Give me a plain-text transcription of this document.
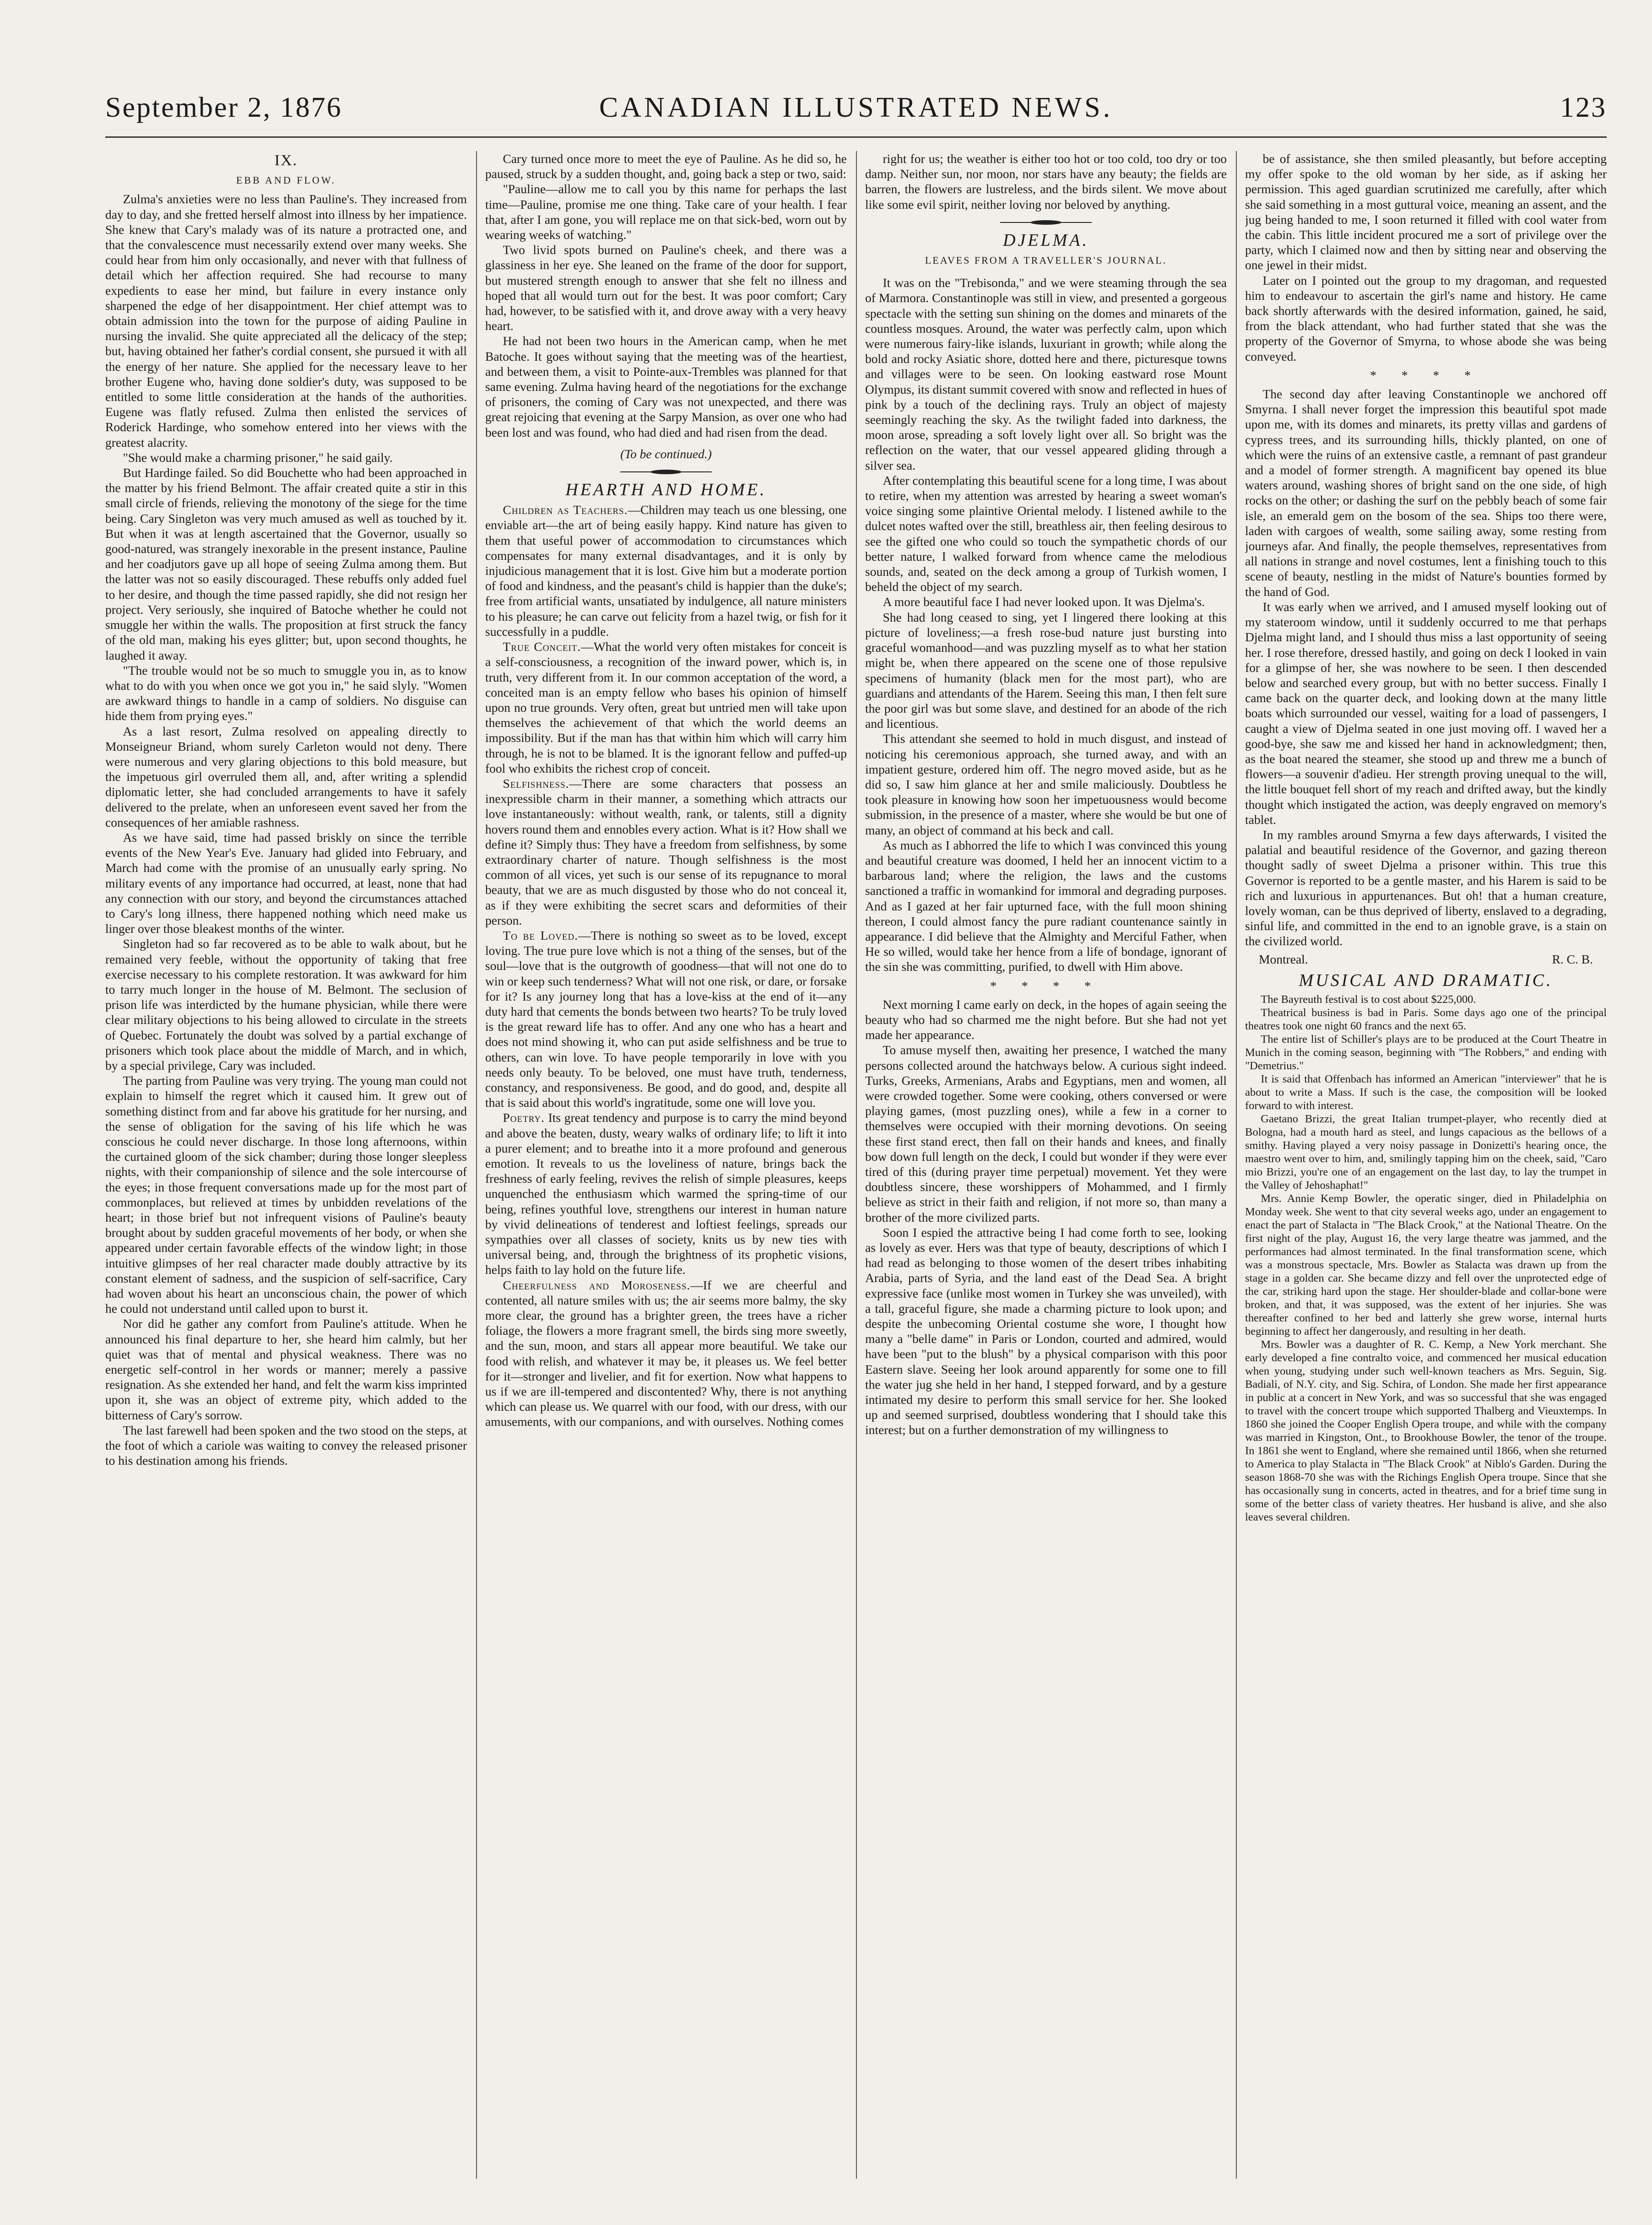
CANADIAN ILLUSTRATED NEWS.
September 2, 1876	123

IX.

EBB AND FLOW.

Zulma's anxieties were no less than Pauline's. They increased from day to day, and she fretted herself almost into illness by her impatience. She knew that Cary's malady was of its nature a protracted one, and that the convalescence must necessarily extend over many weeks. She could hear from him only occasionally, and never with that fullness of detail which her affection required. She had recourse to many expedients to ease her mind, but failure in every instance only sharpened the edge of her disappointment. Her chief attempt was to obtain admission into the town for the purpose of aiding Pauline in nursing the invalid. She quite appreciated all the delicacy of the step; but, having obtained her father's cordial consent, she pursued it with all the energy of her nature. She applied for the necessary leave to her brother Eugene who, having done soldier's duty, was supposed to be entitled to some little consideration at the hands of the authorities. Eugene was flatly refused. Zulma then enlisted the services of Roderick Hardinge, who somehow entered into her views with the greatest alacrity.

"She would make a charming prisoner," he said gaily.

But Hardinge failed. So did Bouchette who had been approached in the matter by his friend Belmont. The affair created quite a stir in this small circle of friends, relieving the monotony of the siege for the time being. Cary Singleton was very much amused as well as touched by it. But when it was at length ascertained that the Governor, usually so good-natured, was strangely inexorable in the present instance, Pauline and her coadjutors gave up all hope of seeing Zulma among them. But the latter was not so easily discouraged. These rebuffs only added fuel to her desire, and though the time passed rapidly, she did not resign her project. Very seriously, she inquired of Batoche whether he could not smuggle her within the walls. The proposition at first struck the fancy of the old man, making his eyes glitter; but, upon second thoughts, he laughed it away.

"The trouble would not be so much to smuggle you in, as to know what to do with you when once we got you in," he said slyly. "Women are awkward things to handle in a camp of soldiers. No disguise can hide them from prying eyes."

As a last resort, Zulma resolved on appealing directly to Monseigneur Briand, whom surely Carleton would not deny. There were numerous and very glaring objections to this bold measure, but the impetuous girl overruled them all, and, after writing a splendid diplomatic letter, she had concluded arrangements to have it safely delivered to the prelate, when an unforeseen event saved her from the consequences of her amiable rashness.

As we have said, time had passed briskly on since the terrible events of the New Year's Eve. January had glided into February, and March had come with the promise of an unusually early spring. No military events of any importance had occurred, at least, none that had any connection with our story, and beyond the circumstances attached to Cary's long illness, there happened nothing which need make us linger over those bleakest months of the winter.

Singleton had so far recovered as to be able to walk about, but he remained very feeble, without the opportunity of taking that free exercise necessary to his complete restoration. It was awkward for him to tarry much longer in the house of M. Belmont. The seclusion of prison life was interdicted by the humane physician, while there were clear military objections to his being allowed to circulate in the streets of Quebec. Fortunately the doubt was solved by a partial exchange of prisoners which took place about the middle of March, and in which, by a special privilege, Cary was included.

The parting from Pauline was very trying. The young man could not explain to himself the regret which it caused him. It grew out of something distinct from and far above his gratitude for her nursing, and the sense of obligation for the saving of his life which he was conscious he could never discharge. In those long afternoons, within the curtained gloom of the sick chamber; during those longer sleepless nights, with their companionship of silence and the sole intercourse of the eyes; in those frequent conversations made up for the most part of commonplaces, but relieved at times by unbidden revelations of the heart; in those brief but not infrequent visions of Pauline's beauty brought about by sudden graceful movements of her body, or when she appeared under certain favorable effects of the window light; in those intuitive glimpses of her real character made doubly attractive by its constant element of sadness, and the suspicion of self-sacrifice, Cary had woven about his heart an unconscious chain, the power of which he could not understand until called upon to burst it.

Nor did he gather any comfort from Pauline's attitude. When he announced his final departure to her, she heard him calmly, but her quiet was that of mental and physical weakness. There was no energetic self-control in her words or manner; merely a passive resignation. As she extended her hand, and felt the warm kiss imprinted upon it, she was an object of extreme pity, which added to the bitterness of Cary's sorrow.

The last farewell had been spoken and the two stood on the steps, at the foot of which a cariole was waiting to convey the released prisoner to his destination among his friends.

Cary turned once more to meet the eye of Pauline. As he did so, he paused, struck by a sudden thought, and, going back a step or two, said:

"Pauline—allow me to call you by this name for perhaps the last time—Pauline, promise me one thing. Take care of your health. I fear that, after I am gone, you will replace me on that sick-bed, worn out by wearing weeks of watching."

Two livid spots burned on Pauline's cheek, and there was a glassiness in her eye. She leaned on the frame of the door for support, but mustered strength enough to answer that she felt no illness and hoped that all would turn out for the best. It was poor comfort; Cary had, however, to be satisfied with it, and drove away with a very heavy heart.

He had not been two hours in the American camp, when he met Batoche. It goes without saying that the meeting was of the heartiest, and between them, a visit to Pointe-aux-Trembles was planned for that same evening. Zulma having heard of the negotiations for the exchange of prisoners, the coming of Cary was not unexpected, and there was great rejoicing that evening at the Sarpy Mansion, as over one who had been lost and was found, who had died and had risen from the dead.

(To be continued.)

HEARTH AND HOME.

Children as Teachers.—Children may teach us one blessing, one enviable art—the art of being easily happy. Kind nature has given to them that useful power of accommodation to circumstances which compensates for many external disadvantages, and it is only by injudicious management that it is lost. Give him but a moderate portion of food and kindness, and the peasant's child is happier than the duke's; free from artificial wants, unsatiated by indulgence, all nature ministers to his pleasure; he can carve out felicity from a hazel twig, or fish for it successfully in a puddle.

True Conceit.—What the world very often mistakes for conceit is a self-consciousness, a recognition of the inward power, which is, in truth, very different from it. In our common acceptation of the word, a conceited man is an empty fellow who bases his opinion of himself upon no true grounds. Very often, great but untried men will take upon themselves the achievement of that which the world deems an impossibility. But if the man has that within him which will carry him through, he is not to be blamed. It is the ignorant fellow and puffed-up fool who exhibits the richest crop of conceit.

Selfishness.—There are some characters that possess an inexpressible charm in their manner, a something which attracts our love instantaneously: without wealth, rank, or talents, still a dignity hovers round them and ennobles every action. What is it? How shall we define it? Simply thus: They have a freedom from selfishness, by some extraordinary charter of nature. Though selfishness is the most common of all vices, yet such is our sense of its repugnance to moral beauty, that we are as much disgusted by those who do not conceal it, as if they were exhibiting the secret scars and deformities of their person.

To be Loved.—There is nothing so sweet as to be loved, except loving. The true pure love which is not a thing of the senses, but of the soul—love that is the outgrowth of goodness—that will not one do to win or keep such tenderness? What will not one risk, or dare, or forsake for it? Is any journey long that has a love-kiss at the end of it—any duty hard that cements the bonds between two hearts? To be truly loved is the great reward life has to offer. And any one who has a heart and does not mind showing it, who can put aside selfishness and be true to others, can win love. To have people temporarily in love with you needs only beauty. To be beloved, one must have truth, tenderness, constancy, and responsiveness. Be good, and do good, and, despite all that is said about this world's ingratitude, some one will love you.

Poetry. Its great tendency and purpose is to carry the mind beyond and above the beaten, dusty, weary walks of ordinary life; to lift it into a purer element; and to breathe into it a more profound and generous emotion. It reveals to us the loveliness of nature, brings back the freshness of early feeling, revives the relish of simple pleasures, keeps unquenched the enthusiasm which warmed the spring-time of our being, refines youthful love, strengthens our interest in human nature by vivid delineations of tenderest and loftiest feelings, spreads our sympathies over all classes of society, knits us by new ties with universal being, and, through the brightness of its prophetic visions, helps faith to lay hold on the future life.

Cheerfulness and Moroseness.—If we are cheerful and contented, all nature smiles with us; the air seems more balmy, the sky more clear, the ground has a brighter green, the trees have a richer foliage, the flowers a more fragrant smell, the birds sing more sweetly, and the sun, moon, and stars all appear more beautiful. We take our food with relish, and whatever it may be, it pleases us. We feel better for it—stronger and livelier, and fit for exertion. Now what happens to us if we are ill-tempered and discontented? Why, there is not anything which can please us. We quarrel with our food, with our dress, with our amusements, with our companions, and with ourselves. Nothing comes

right for us; the weather is either too hot or too cold, too dry or too damp. Neither sun, nor moon, nor stars have any beauty; the fields are barren, the flowers are lustreless, and the birds silent. We move about like some evil spirit, neither loving nor beloved by anything.

DJELMA.

LEAVES FROM A TRAVELLER'S JOURNAL.

It was on the "Trebisonda," and we were steaming through the sea of Marmora. Constantinople was still in view, and presented a gorgeous spectacle with the setting sun shining on the domes and minarets of the countless mosques. Around, the water was perfectly calm, upon which were numerous fairy-like islands, luxuriant in growth; while along the bold and rocky Asiatic shore, dotted here and there, picturesque towns and villages were to be seen. On looking eastward rose Mount Olympus, its distant summit covered with snow and reflected in hues of pink by a touch of the declining rays. Truly an object of majesty seemingly reaching the sky. As the twilight faded into darkness, the moon arose, spreading a soft lovely light over all. So bright was the reflection on the water, that our vessel appeared gliding through a silver sea.

After contemplating this beautiful scene for a long time, I was about to retire, when my attention was arrested by hearing a sweet woman's voice singing some plaintive Oriental melody. I listened awhile to the dulcet notes wafted over the still, breathless air, then feeling desirous to see the gifted one who could so touch the sympathetic chords of our better nature, I walked forward from whence came the melodious sounds, and, seated on the deck among a group of Turkish women, I beheld the object of my search.

A more beautiful face I had never looked upon. It was Djelma's.

She had long ceased to sing, yet I lingered there looking at this picture of loveliness;—a fresh rose-bud nature just bursting into graceful womanhood—and was puzzling myself as to what her station might be, when there appeared on the scene one of those repulsive specimens of humanity (black men for the most part), who are guardians and attendants of the Harem. Seeing this man, I then felt sure the poor girl was but some slave, and destined for an abode of the rich and licentious.

This attendant she seemed to hold in much disgust, and instead of noticing his ceremonious approach, she turned away, and with an impatient gesture, ordered him off. The negro moved aside, but as he did so, I saw him glance at her and smile maliciously. Doubtless he took pleasure in knowing how soon her impetuousness would become submission, in the presence of a master, where she would be but one of many, an object of command at his beck and call.

As much as I abhorred the life to which I was convinced this young and beautiful creature was doomed, I held her an innocent victim to a barbarous land; where the religion, the laws and the customs sanctioned a traffic in womankind for immoral and degrading purposes. And as I gazed at her fair upturned face, with the full moon shining thereon, I could almost fancy the pure radiant countenance saintly in appearance. I did believe that the Almighty and Merciful Father, when He so willed, would take her hence from a life of bondage, ignorant of the sin she was committing, purified, to dwell with Him above.

* * * *

Next morning I came early on deck, in the hopes of again seeing the beauty who had so charmed me the night before. But she had not yet made her appearance.

To amuse myself then, awaiting her presence, I watched the many persons collected around the hatchways below. A curious sight indeed. Turks, Greeks, Armenians, Arabs and Egyptians, men and women, all were crowded together. Some were cooking, others conversed or were playing games, (most puzzling ones), while a few in a corner to themselves were occupied with their morning devotions. On seeing these first stand erect, then fall on their hands and knees, and finally bow down full length on the deck, I could but wonder if they were ever tired of this (during prayer time perpetual) movement. Yet they were doubtless sincere, these worshippers of Mohammed, and I firmly believe as strict in their faith and religion, if not more so, than many a brother of the more civilized parts.

Soon I espied the attractive being I had come forth to see, looking as lovely as ever. Hers was that type of beauty, descriptions of which I had read as belonging to those women of the desert tribes inhabiting Arabia, parts of Syria, and the land east of the Dead Sea. A bright expressive face (unlike most women in Turkey she was unveiled), with a tall, graceful figure, she made a charming picture to look upon; and despite the unbecoming Oriental costume she wore, I thought how many a "belle dame" in Paris or London, courted and admired, would have been "put to the blush" by a physical comparison with this poor Eastern slave. Seeing her look around apparently for some one to fill the water jug she held in her hand, I stepped forward, and by a gesture intimated my desire to perform this small service for her. She looked up and seemed surprised, doubtless wondering that I should take this interest; but on a further demonstration of my willingness to

be of assistance, she then smiled pleasantly, but before accepting my offer spoke to the old woman by her side, as if asking her permission. This aged guardian scrutinized me carefully, after which she said something in a most guttural voice, meaning an assent, and the jug being handed to me, I soon returned it filled with cool water from the cabin. This little incident procured me a sort of privilege over the party, which I claimed now and then by sitting near and observing the one jewel in their midst.

Later on I pointed out the group to my dragoman, and requested him to endeavour to ascertain the girl's name and history. He came back shortly afterwards with the desired information, gained, he said, from the black attendant, who had further stated that she was the property of the Governor of Smyrna, to whose abode she was being conveyed.

* * * *

The second day after leaving Constantinople we anchored off Smyrna. I shall never forget the impression this beautiful spot made upon me, with its domes and minarets, its pretty villas and gardens of cypress trees, and its surrounding hills, thickly planted, on one of which were the ruins of an extensive castle, a remnant of past grandeur and a model of former strength. A magnificent bay opened its blue waters around, washing shores of bright sand on the one side, of high rocks on the other; or dashing the surf on the pebbly beach of some fair isle, an emerald gem on the bosom of the sea. Ships too there were, laden with cargoes of wealth, some sailing away, some resting from journeys afar. And finally, the people themselves, representatives from all nations in strange and novel costumes, lent a finishing touch to this scene of beauty, nestling in the midst of Nature's bounties formed by the hand of God.

It was early when we arrived, and I amused myself looking out of my stateroom window, until it suddenly occurred to me that perhaps Djelma might land, and I should thus miss a last opportunity of seeing her. I rose therefore, dressed hastily, and going on deck I looked in vain for a glimpse of her, she was nowhere to be seen. I then descended below and searched every group, but with no better success. Finally I came back on the quarter deck, and looking down at the many little boats which surrounded our vessel, waiting for a load of passengers, I caught a view of Djelma seated in one just moving off. I waved her a good-bye, she saw me and kissed her hand in acknowledgment; then, as the boat neared the steamer, she stood up and threw me a bunch of flowers—a souvenir d'adieu. Her strength proving unequal to the will, the little bouquet fell short of my reach and drifted away, but the kindly thought which instigated the action, was deeply engraved on memory's tablet.

In my rambles around Smyrna a few days afterwards, I visited the palatial and beautiful residence of the Governor, and gazing thereon thought sadly of sweet Djelma a prisoner within. This true this Governor is reported to be a gentle master, and his Harem is said to be rich and luxurious in appurtenances. But oh! that a human creature, lovely woman, can be thus deprived of liberty, enslaved to a degrading, sinful life, and committed in the end to an ignoble grave, is a stain on the civilized world.

Montreal.	R. C. B.

MUSICAL AND DRAMATIC.

The Bayreuth festival is to cost about $225,000.

Theatrical business is bad in Paris. Some days ago one of the principal theatres took one night 60 francs and the next 65.

The entire list of Schiller's plays are to be produced at the Court Theatre in Munich in the coming season, beginning with "The Robbers," and ending with "Demetrius."

It is said that Offenbach has informed an American "interviewer" that he is about to write a Mass. If such is the case, the composition will be looked forward to with interest.

Gaetano Brizzi, the great Italian trumpet-player, who recently died at Bologna, had a mouth hard as steel, and lungs capacious as the bellows of a smithy. Having played a very noisy passage in Donizetti's hearing once, the maestro went over to him, and, smilingly tapping him on the cheek, said, "Caro mio Brizzi, you're one of an engagement on the last day, to lay the trumpet in the Valley of Jehoshaphat!"

Mrs. Annie Kemp Bowler, the operatic singer, died in Philadelphia on Monday week. She went to that city several weeks ago, under an engagement to enact the part of Stalacta in "The Black Crook," at the National Theatre. On the first night of the play, August 16, the very large theatre was jammed, and the performances had almost terminated. In the final transformation scene, which was a monstrous spectacle, Mrs. Bowler as Stalacta was drawn up from the stage in a golden car. She became dizzy and fell over the unprotected edge of the car, striking hard upon the stage. Her shoulder-blade and collar-bone were broken, and that, it was supposed, was the extent of her injuries. She was thereafter confined to her bed and latterly she grew worse, internal hurts beginning to affect her dangerously, and resulting in her death.

Mrs. Bowler was a daughter of R. C. Kemp, a New York merchant. She early developed a fine contralto voice, and commenced her musical education when young, studying under such well-known teachers as Mrs. Seguin, Sig. Badiali, of N.Y. city, and Sig. Schira, of London. She made her first appearance in public at a concert in New York, and was so successful that she was engaged to travel with the concert troupe which supported Thalberg and Vieuxtemps. In 1860 she joined the Cooper English Opera troupe, and while with the company was married in Kingston, Ont., to Brookhouse Bowler, the tenor of the troupe. In 1861 she went to England, where she remained until 1866, when she returned to America to play Stalacta in "The Black Crook" at Niblo's Garden. During the season 1868-70 she was with the Richings English Opera troupe. Since that she has occasionally sung in concerts, acted in theatres, and for a brief time sung in some of the better class of variety theatres. Her husband is alive, and she also leaves several children.
